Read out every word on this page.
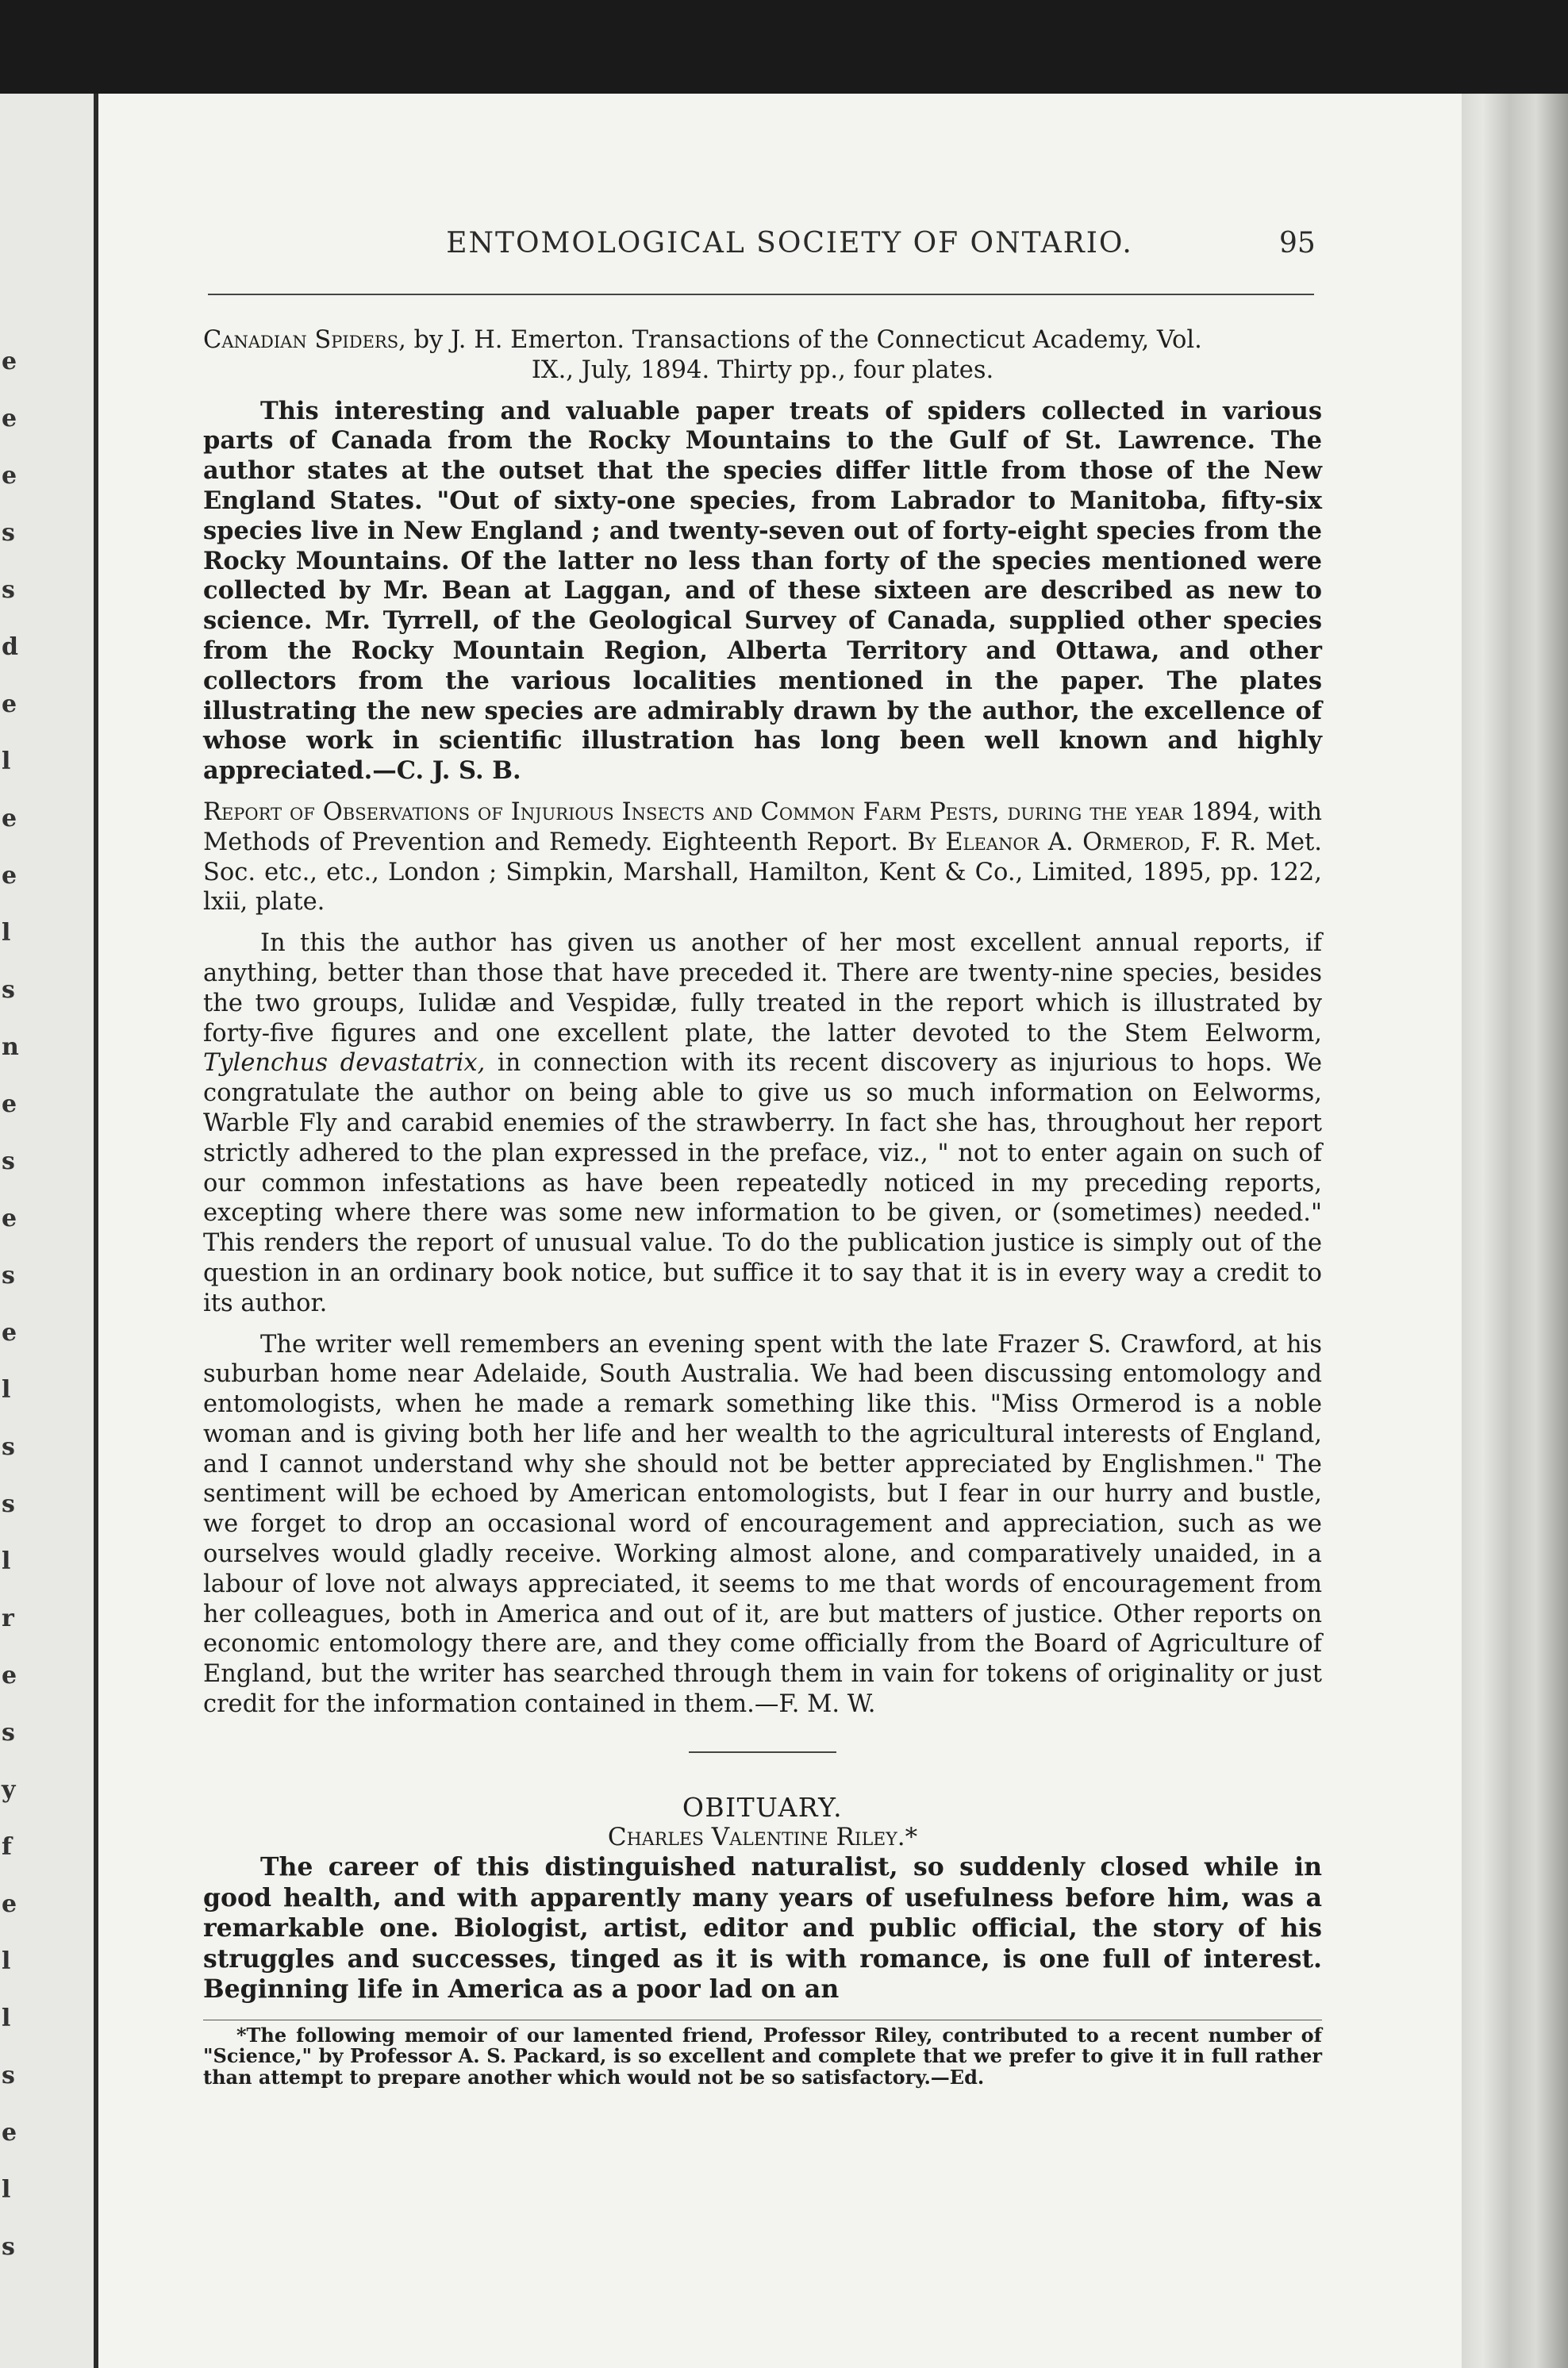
e
e
e
s
s
d
e
l
e
e
l
s
n
e
s
e
s
e
l
s
s
l
r
e
s
y
f
e
l
l
s
e
l
s
ENTOMOLOGICAL SOCIETY OF ONTARIO.	95

Canadian Spiders, by J. H. Emerton. Transactions of the Connecticut Academy, Vol.
IX., July, 1894. Thirty pp., four plates.

This interesting and valuable paper treats of spiders collected in various parts of Canada from the Rocky Mountains to the Gulf of St. Lawrence. The author states at the outset that the species differ little from those of the New England States. "Out of sixty-one species, from Labrador to Manitoba, fifty-six species live in New England ; and twenty-seven out of forty-eight species from the Rocky Mountains. Of the latter no less than forty of the species mentioned were collected by Mr. Bean at Laggan, and of these sixteen are described as new to science. Mr. Tyrrell, of the Geological Survey of Canada, supplied other species from the Rocky Mountain Region, Alberta Territory and Ottawa, and other collectors from the various localities mentioned in the paper. The plates illustrating the new species are admirably drawn by the author, the excellence of whose work in scientific illustration has long been well known and highly appreciated.—C. J. S. B.

Report of Observations of Injurious Insects and Common Farm Pests, during the year 1894, with Methods of Prevention and Remedy. Eighteenth Report. By Eleanor A. Ormerod, F. R. Met. Soc. etc., etc., London ; Simpkin, Marshall, Hamilton, Kent & Co., Limited, 1895, pp. 122, lxii, plate.

In this the author has given us another of her most excellent annual reports, if anything, better than those that have preceded it. There are twenty-nine species, besides the two groups, Iulidæ and Vespidæ, fully treated in the report which is illustrated by forty-five figures and one excellent plate, the latter devoted to the Stem Eelworm, Tylenchus devastatrix, in connection with its recent discovery as injurious to hops. We congratulate the author on being able to give us so much information on Eelworms, Warble Fly and carabid enemies of the strawberry. In fact she has, throughout her report strictly adhered to the plan expressed in the preface, viz., " not to enter again on such of our common infestations as have been repeatedly noticed in my preceding reports, excepting where there was some new information to be given, or (sometimes) needed." This renders the report of unusual value. To do the publication justice is simply out of the question in an ordinary book notice, but suffice it to say that it is in every way a credit to its author.

The writer well remembers an evening spent with the late Frazer S. Crawford, at his suburban home near Adelaide, South Australia. We had been discussing entomology and entomologists, when he made a remark something like this. "Miss Ormerod is a noble woman and is giving both her life and her wealth to the agricultural interests of England, and I cannot understand why she should not be better appreciated by Englishmen." The sentiment will be echoed by American entomologists, but I fear in our hurry and bustle, we forget to drop an occasional word of encouragement and appreciation, such as we ourselves would gladly receive. Working almost alone, and comparatively unaided, in a labour of love not always appreciated, it seems to me that words of encouragement from her colleagues, both in America and out of it, are but matters of justice. Other reports on economic entomology there are, and they come officially from the Board of Agriculture of England, but the writer has searched through them in vain for tokens of originality or just credit for the information contained in them.—F. M. W.

OBITUARY.

Charles Valentine Riley.*

The career of this distinguished naturalist, so suddenly closed while in good health, and with apparently many years of usefulness before him, was a remarkable one. Biologist, artist, editor and public official, the story of his struggles and successes, tinged as it is with romance, is one full of interest. Beginning life in America as a poor lad on an

*The following memoir of our lamented friend, Professor Riley, contributed to a recent number of "Science," by Professor A. S. Packard, is so excellent and complete that we prefer to give it in full rather than attempt to prepare another which would not be so satisfactory.—Ed.
